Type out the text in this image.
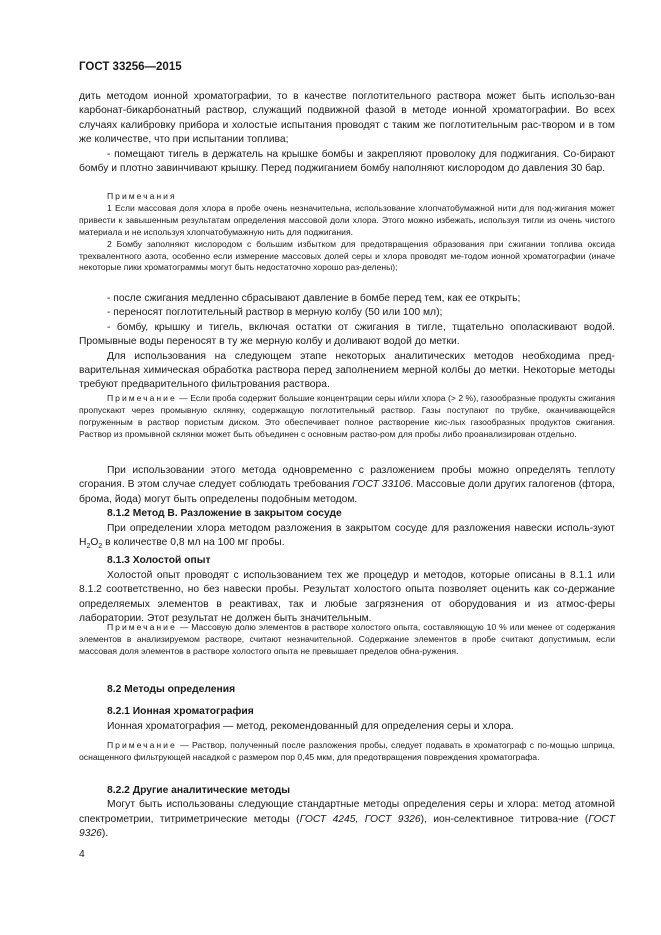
ГОСТ 33256—2015

дить методом ионной хроматографии, то в качестве поглотительного раствора может быть использо-ван карбонат-бикарбонатный раствор, служащий подвижной фазой в методе ионной хроматографии. Во всех случаях калибровку прибора и холостые испытания проводят с таким же поглотительным рас-твором и в том же количестве, что при испытании топлива;

- помещают тигель в держатель на крышке бомбы и закрепляют проволоку для поджигания. Со-бирают бомбу и плотно завинчивают крышку. Перед поджиганием бомбу наполняют кислородом до давления 30 бар.

Примечания

1 Если массовая доля хлора в пробе очень незначительна, использование хлопчатобумажной нити для под-жигания может привести к завышенным результатам определения массовой доли хлора. Этого можно избежать, используя тигли из очень чистого материала и не используя хлопчатобумажную нить для поджигания.

2 Бомбу заполняют кислородом с большим избытком для предотвращения образования при сжигании топлива оксида трехвалентного азота, особенно если измерение массовых долей серы и хлора проводят ме-тодом ионной хроматографии (иначе некоторые пики хроматограммы могут быть недостаточно хорошо раз-делены);

- после сжигания медленно сбрасывают давление в бомбе перед тем, как ее открыть;

- переносят поглотительный раствор в мерную колбу (50 или 100 мл);

- бомбу, крышку и тигель, включая остатки от сжигания в тигле, тщательно ополаскивают водой. Промывные воды переносят в ту же мерную колбу и доливают водой до метки.

Для использования на следующем этапе некоторых аналитических методов необходима пред-варительная химическая обработка раствора перед заполнением мерной колбы до метки. Некоторые методы требуют предварительного фильтрования раствора.

Примечание — Если проба содержит большие концентрации серы и/или хлора (> 2 %), газообразные продукты сжигания пропускают через промывную склянку, содержащую поглотительный раствор. Газы поступают по трубке, оканчивающейся погруженным в раствор пористым диском. Это обеспечивает полное растворение кис-лых газообразных продуктов сжигания. Раствор из промывной склянки может быть объединен с основным раство-ром для пробы либо проанализирован отдельно.

При использовании этого метода одновременно с разложением пробы можно определять теплоту сгорания. В этом случае следует соблюдать требования ГОСТ 33106. Массовые доли других галогенов (фтора, брома, йода) могут быть определены подобным методом.

8.1.2 Метод В. Разложение в закрытом сосуде

При определении хлора методом разложения в закрытом сосуде для разложения навески исполь-зуют $H_2O_2$ в количестве 0,8 мл на 100 мг пробы.

8.1.3 Холостой опыт

Холостой опыт проводят с использованием тех же процедур и методов, которые описаны в 8.1.1 или 8.1.2 соответственно, но без навески пробы. Результат холостого опыта позволяет оценить как со-держание определяемых элементов в реактивах, так и любые загрязнения от оборудования и из атмос-феры лаборатории. Этот результат не должен быть значительным.

Примечание — Массовую долю элементов в растворе холостого опыта, составляющую 10 % или менее от содержания элементов в анализируемом растворе, считают незначительной. Содержание элементов в пробе считают допустимым, если массовая доля элементов в растворе холостого опыта не превышает пределов обна-ружения.

8.2 Методы определения

8.2.1 Ионная хроматография

Ионная хроматография — метод, рекомендованный для определения серы и хлора.

Примечание — Раствор, полученный после разложения пробы, следует подавать в хроматограф с по-мощью шприца, оснащенного фильтрующей насадкой с размером пор 0,45 мкм, для предотвращения повреждения хроматографа.

8.2.2 Другие аналитические методы

Могут быть использованы следующие стандартные методы определения серы и хлора: метод атомной спектрометрии, титриметрические методы (ГОСТ 4245, ГОСТ 9326), ион-селективное титрова-ние (ГОСТ 9326).

4
